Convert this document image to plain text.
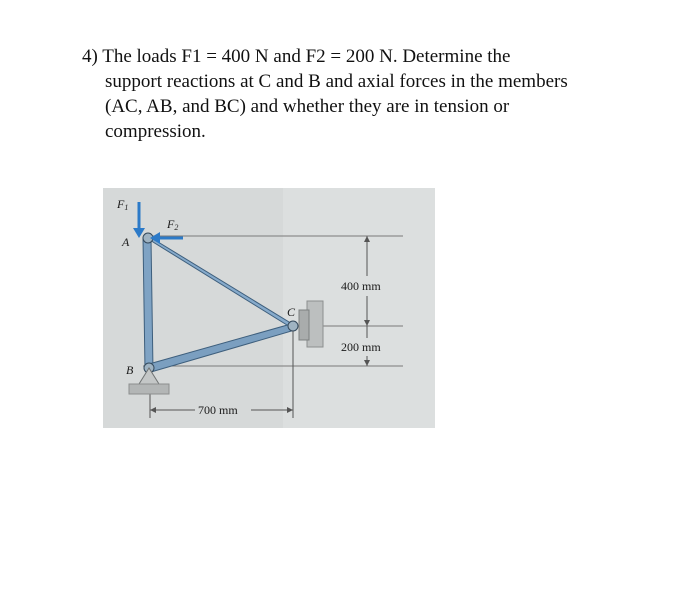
4) The loads F1 = 400 N and F2 = 200 N. Determine the
support reactions at C and B and axial forces in the members
(AC, AB, and BC) and whether they are in tension or
compression.
F1
F2
A
B
C
400 mm
200 mm
700 mm
